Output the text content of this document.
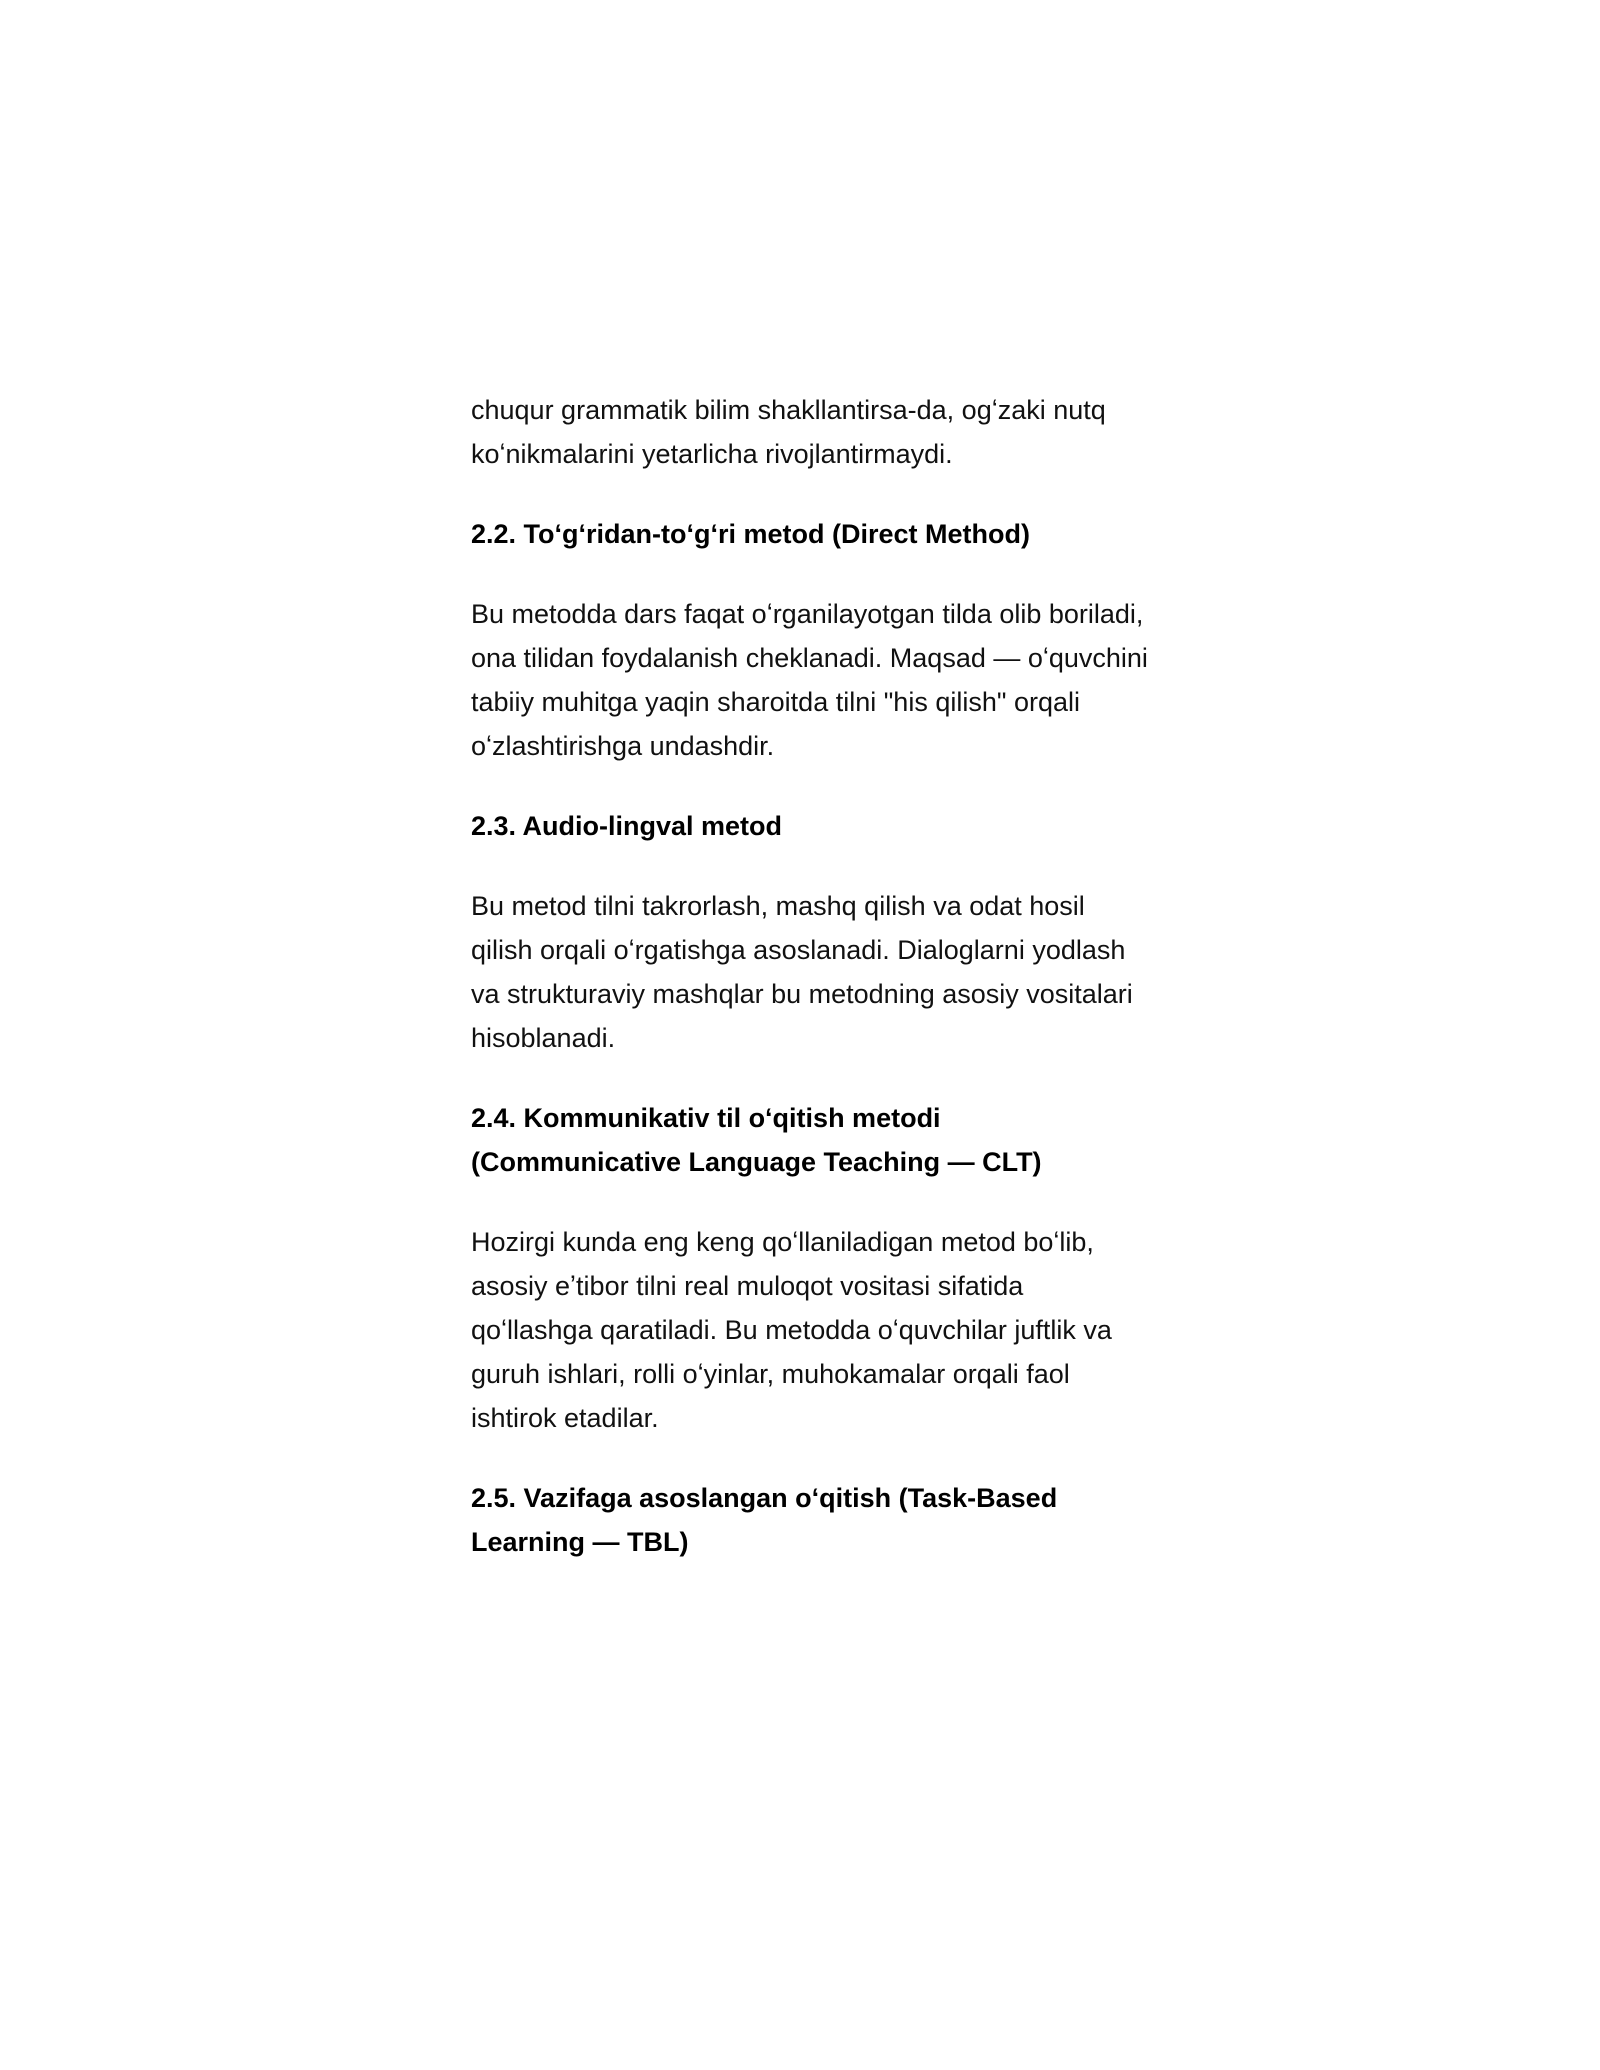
chuqur grammatik bilim shakllantirsa-da, ogʻzaki nutq koʻnikmalarini yetarlicha rivojlantirmaydi.

2.2. Toʻgʻridan-toʻgʻri metod (Direct Method)

Bu metodda dars faqat oʻrganilayotgan tilda olib boriladi, ona tilidan foydalanish cheklanadi. Maqsad — oʻquvchini tabiiy muhitga yaqin sharoitda tilni "his qilish" orqali oʻzlashtirishga undashdir.

2.3. Audio-lingval metod

Bu metod tilni takrorlash, mashq qilish va odat hosil qilish orqali oʻrgatishga asoslanadi. Dialoglarni yodlash va strukturaviy mashqlar bu metodning asosiy vositalari hisoblanadi.

2.4. Kommunikativ til oʻqitish metodi (Communicative Language Teaching — CLT)

Hozirgi kunda eng keng qoʻllaniladigan metod boʻlib, asosiy eʼtibor tilni real muloqot vositasi sifatida qoʻllashga qaratiladi. Bu metodda oʻquvchilar juftlik va guruh ishlari, rolli oʻyinlar, muhokamalar orqali faol ishtirok etadilar.

2.5. Vazifaga asoslangan oʻqitish (Task-Based Learning — TBL)
